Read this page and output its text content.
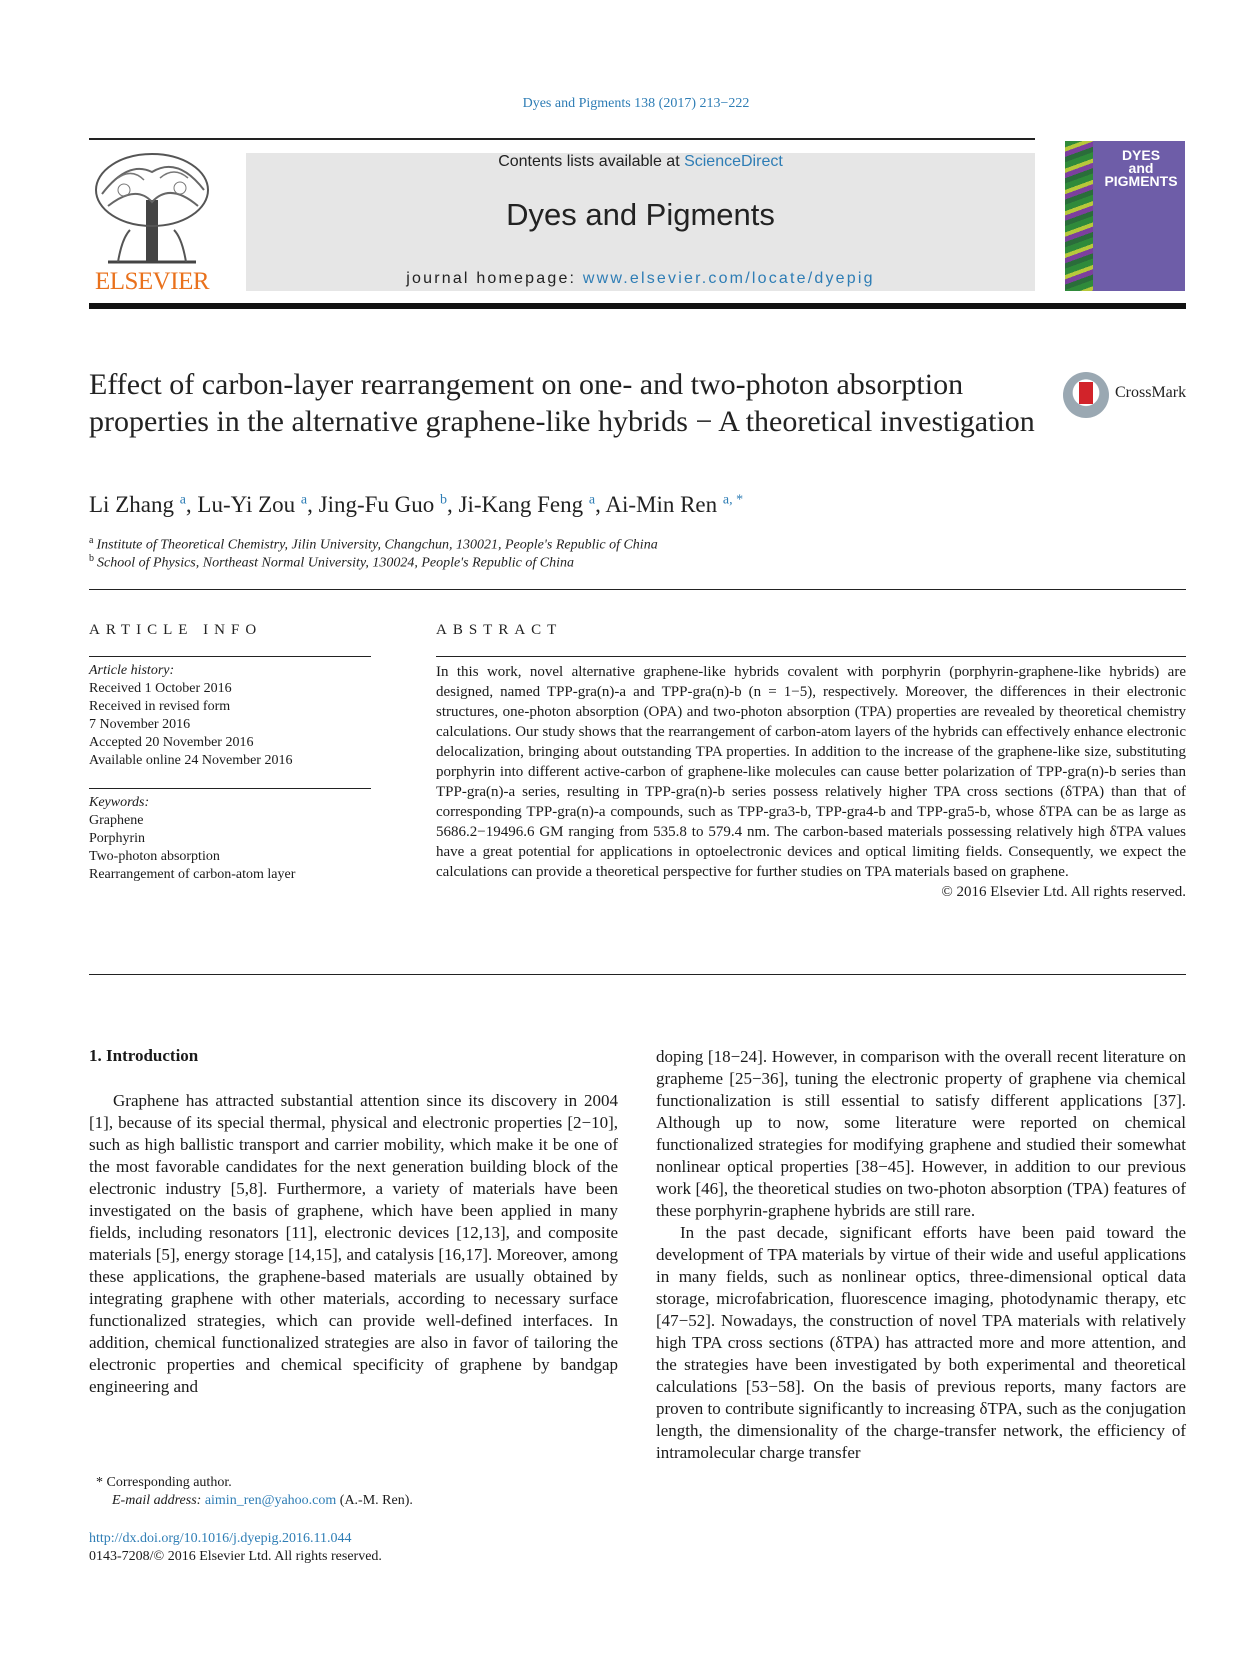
Dyes and Pigments 138 (2017) 213−222
ELSEVIER
Contents lists available at ScienceDirect
Dyes and Pigments
journal homepage: www.elsevier.com/locate/dyepig
DYES
and
PIGMENTS
Effect of carbon-layer rearrangement on one- and two-photon absorption properties in the alternative graphene-like hybrids − A theoretical investigation
CrossMark
Li Zhang $^a$, Lu-Yi Zou $^a$, Jing-Fu Guo $^b$, Ji-Kang Feng $^a$, Ai-Min Ren $^{a, *}$
$^a$ Institute of Theoretical Chemistry, Jilin University, Changchun, 130021, People's Republic of China
$^b$ School of Physics, Northeast Normal University, 130024, People's Republic of China
ARTICLE INFO	ABSTRACT
Article history:
Received 1 October 2016
Received in revised form
7 November 2016
Accepted 20 November 2016
Available online 24 November 2016
Keywords:
Graphene
Porphyrin
Two-photon absorption
Rearrangement of carbon-atom layer

In this work, novel alternative graphene-like hybrids covalent with porphyrin (porphyrin-graphene-like hybrids) are designed, named TPP-gra(n)-a and TPP-gra(n)-b (n = 1−5), respectively. Moreover, the differences in their electronic structures, one-photon absorption (OPA) and two-photon absorption (TPA) properties are revealed by theoretical chemistry calculations. Our study shows that the rearrangement of carbon-atom layers of the hybrids can effectively enhance electronic delocalization, bringing about outstanding TPA properties. In addition to the increase of the graphene-like size, substituting porphyrin into different active-carbon of graphene-like molecules can cause better polarization of TPP-gra(n)-b series than TPP-gra(n)-a series, resulting in TPP-gra(n)-b series possess relatively higher TPA cross sections (δTPA) than that of corresponding TPP-gra(n)-a compounds, such as TPP-gra3-b, TPP-gra4-b and TPP-gra5-b, whose δTPA can be as large as 5686.2−19496.6 GM ranging from 535.8 to 579.4 nm. The carbon-based materials possessing relatively high δTPA values have a great potential for applications in optoelectronic devices and optical limiting fields. Consequently, we expect the calculations can provide a theoretical perspective for further studies on TPA materials based on graphene.

© 2016 Elsevier Ltd. All rights reserved.

1. Introduction

Graphene has attracted substantial attention since its discovery in 2004 [1], because of its special thermal, physical and electronic properties [2−10], such as high ballistic transport and carrier mobility, which make it be one of the most favorable candidates for the next generation building block of the electronic industry [5,8]. Furthermore, a variety of materials have been investigated on the basis of graphene, which have been applied in many fields, including resonators [11], electronic devices [12,13], and composite materials [5], energy storage [14,15], and catalysis [16,17]. Moreover, among these applications, the graphene-based materials are usually obtained by integrating graphene with other materials, according to necessary surface functionalized strategies, which can provide well-defined interfaces. In addition, chemical functionalized strategies are also in favor of tailoring the electronic properties and chemical specificity of graphene by bandgap engineering and

doping [18−24]. However, in comparison with the overall recent literature on grapheme [25−36], tuning the electronic property of graphene via chemical functionalization is still essential to satisfy different applications [37]. Although up to now, some literature were reported on chemical functionalized strategies for modifying graphene and studied their somewhat nonlinear optical properties [38−45]. However, in addition to our previous work [46], the theoretical studies on two-photon absorption (TPA) features of these porphyrin-graphene hybrids are still rare.

In the past decade, significant efforts have been paid toward the development of TPA materials by virtue of their wide and useful applications in many fields, such as nonlinear optics, three-dimensional optical data storage, microfabrication, fluorescence imaging, photodynamic therapy, etc [47−52]. Nowadays, the construction of novel TPA materials with relatively high TPA cross sections (δTPA) has attracted more and more attention, and the strategies have been investigated by both experimental and theoretical calculations [53−58]. On the basis of previous reports, many factors are proven to contribute significantly to increasing δTPA, such as the conjugation length, the dimensionality of the charge-transfer network, the efficiency of intramolecular charge transfer

* Corresponding author.
E-mail address: aimin_ren@yahoo.com (A.-M. Ren).
http://dx.doi.org/10.1016/j.dyepig.2016.11.044
0143-7208/© 2016 Elsevier Ltd. All rights reserved.
